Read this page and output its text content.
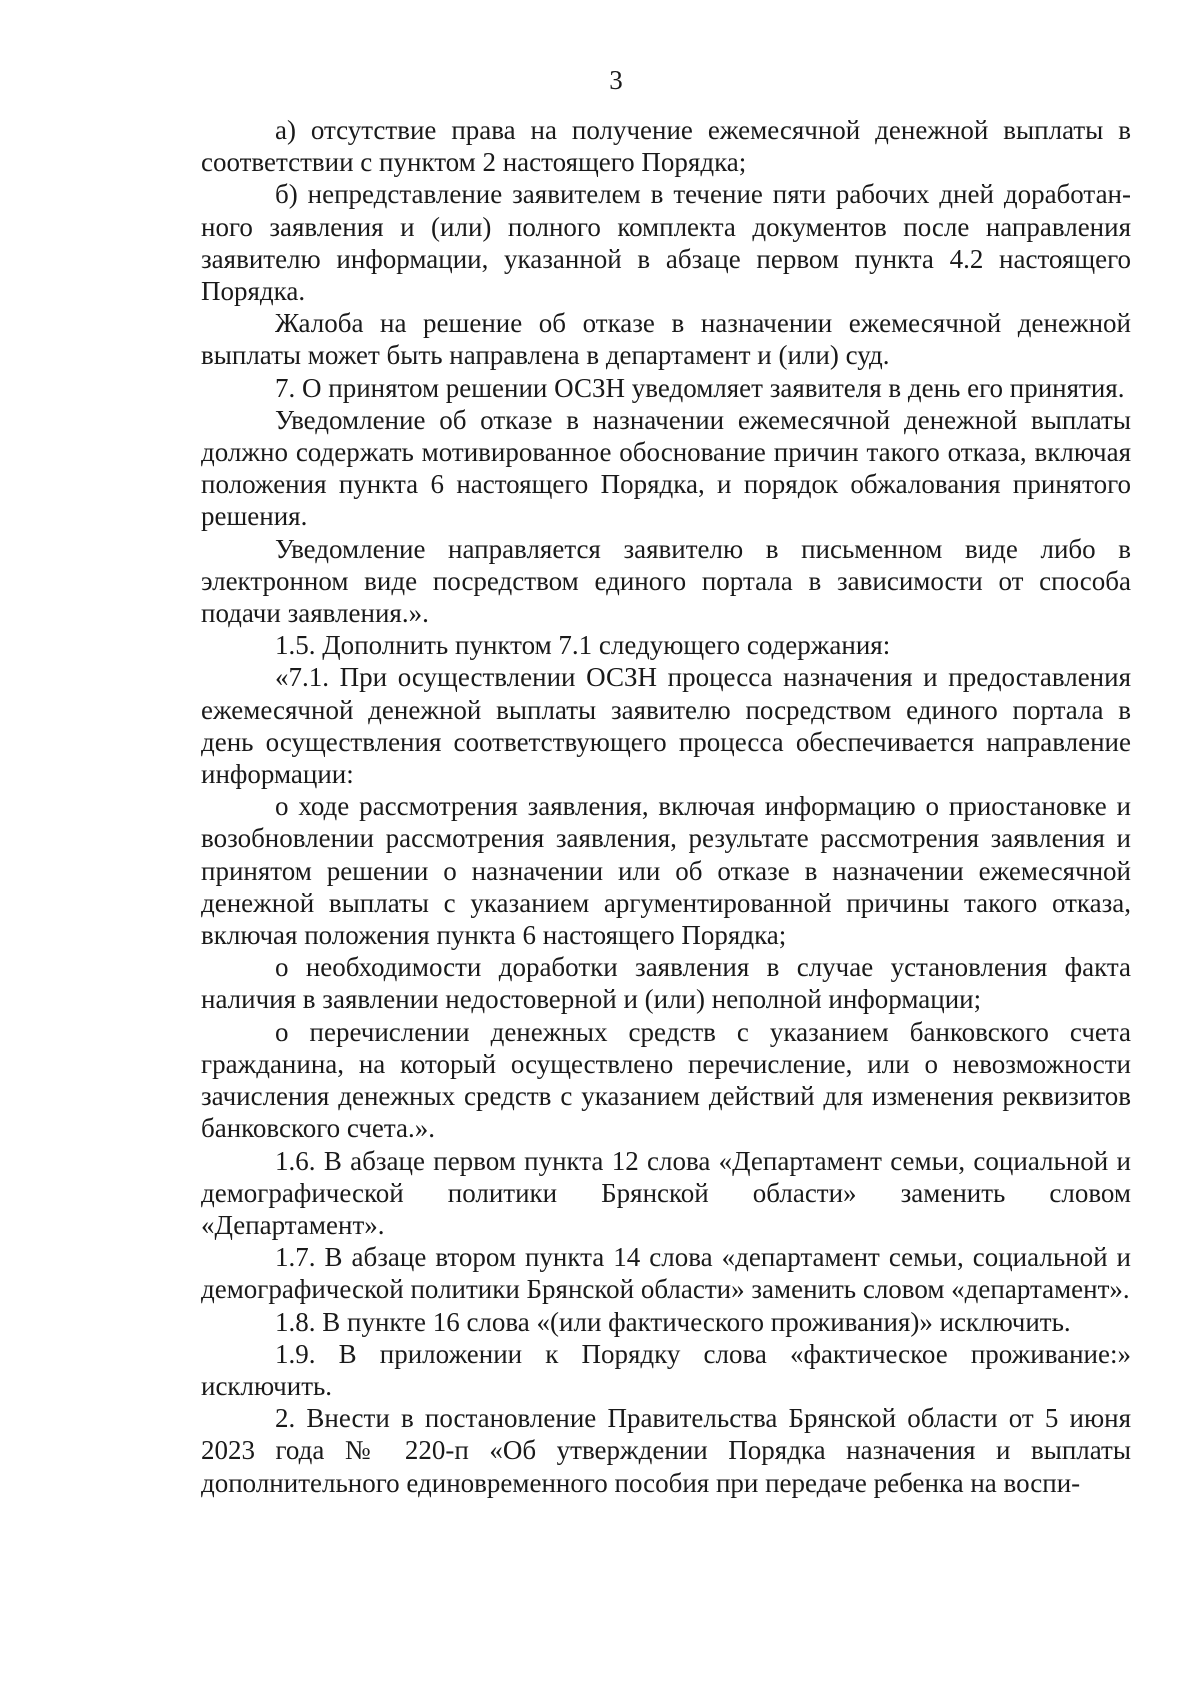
3

а) отсутствие права на получение ежемесячной денежной выплаты в соответствии с пунктом 2 настоящего Порядка;

б) непредставление заявителем в течение пяти рабочих дней доработанного заявления и (или) полного комплекта документов после направления заявителю информации, указанной в абзаце первом пункта 4.2 настоящего Порядка.

Жалоба на решение об отказе в назначении ежемесячной денежной выплаты может быть направлена в департамент и (или) суд.

7. О принятом решении ОСЗН уведомляет заявителя в день его принятия.

Уведомление об отказе в назначении ежемесячной денежной выплаты должно содержать мотивированное обоснование причин такого отказа, включая положения пункта 6 настоящего Порядка, и порядок обжалования принятого решения.

Уведомление направляется заявителю в письменном виде либо в электронном виде посредством единого портала в зависимости от способа подачи заявления.».

1.5. Дополнить пунктом 7.1 следующего содержания:

«7.1. При осуществлении ОСЗН процесса назначения и предоставления ежемесячной денежной выплаты заявителю посредством единого портала в день осуществления соответствующего процесса обеспечивается направление информации:

о ходе рассмотрения заявления, включая информацию о приостановке и возобновлении рассмотрения заявления, результате рассмотрения заявления и принятом решении о назначении или об отказе в назначении ежемесячной денежной выплаты с указанием аргументированной причины такого отказа, включая положения пункта 6 настоящего Порядка;

о необходимости доработки заявления в случае установления факта наличия в заявлении недостоверной и (или) неполной информации;

о перечислении денежных средств с указанием банковского счета гражданина, на который осуществлено перечисление, или о невозможности зачисления денежных средств с указанием действий для изменения реквизитов банковского счета.».

1.6. В абзаце первом пункта 12 слова «Департамент семьи, социальной и демографической политики Брянской области» заменить словом «Департамент».

1.7. В абзаце втором пункта 14 слова «департамент семьи, социальной и демографической политики Брянской области» заменить словом «департамент».

1.8. В пункте 16 слова «(или фактического проживания)» исключить.

1.9. В приложении к Порядку слова «фактическое проживание:» исключить.

2. Внести в постановление Правительства Брянской области от 5 июня 2023 года № 220-п «Об утверждении Порядка назначения и выплаты дополнительного единовременного пособия при передаче ребенка на воспи-
